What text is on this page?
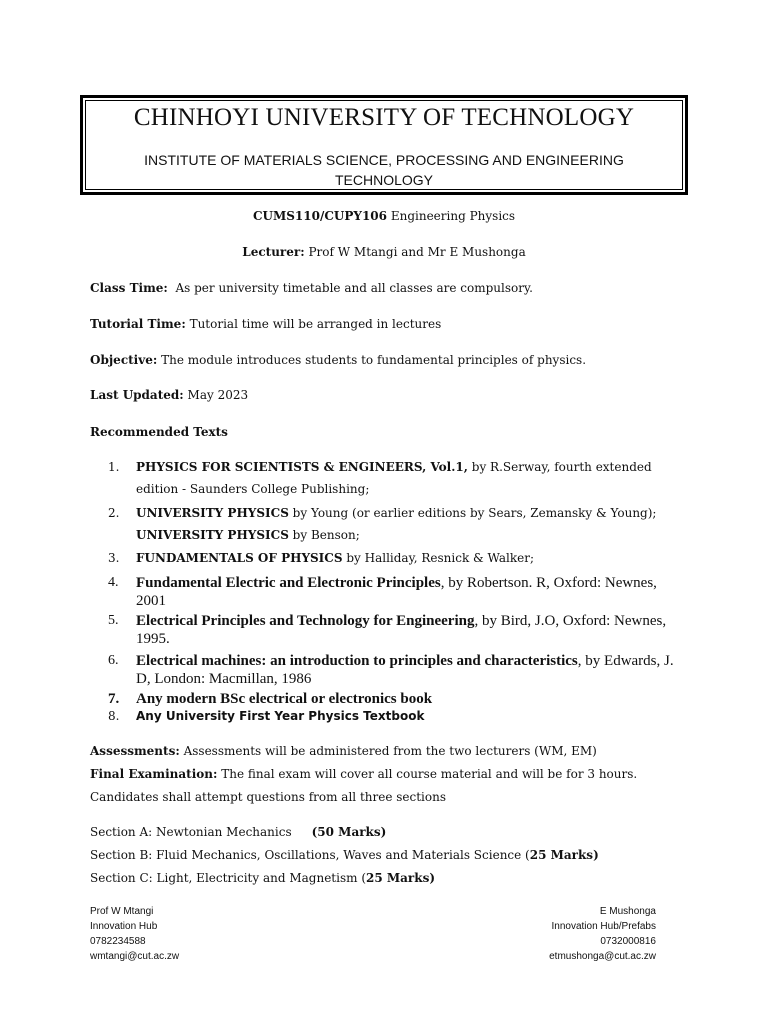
CHINHOYI UNIVERSITY OF TECHNOLOGY
INSTITUTE OF MATERIALS SCIENCE, PROCESSING AND ENGINEERING TECHNOLOGY
CUMS110/CUPY106 Engineering Physics
Lecturer: Prof W Mtangi and Mr E Mushonga
Class Time: As per university timetable and all classes are compulsory.
Tutorial Time: Tutorial time will be arranged in lectures
Objective: The module introduces students to fundamental principles of physics.
Last Updated: May 2023
Recommended Texts
1.	PHYSICS FOR SCIENTISTS & ENGINEERS, Vol.1, by R.Serway, fourth extended edition - Saunders College Publishing;
2.	UNIVERSITY PHYSICS by Young (or earlier editions by Sears, Zemansky & Young);
UNIVERSITY PHYSICS by Benson;
3.	FUNDAMENTALS OF PHYSICS by Halliday, Resnick & Walker;
4.	Fundamental Electric and Electronic Principles, by Robertson. R, Oxford: Newnes, 2001
5.	Electrical Principles and Technology for Engineering, by Bird, J.O, Oxford: Newnes, 1995.
6.	Electrical machines: an introduction to principles and characteristics, by Edwards, J. D, London: Macmillan, 1986
7.	Any modern BSc electrical or electronics book
8.	Any University First Year Physics Textbook
Assessments: Assessments will be administered from the two lecturers (WM, EM)
Final Examination: The final exam will cover all course material and will be for 3 hours.
Candidates shall attempt questions from all three sections
Section A: Newtonian Mechanics (50 Marks)
Section B: Fluid Mechanics, Oscillations, Waves and Materials Science (25 Marks)
Section C: Light, Electricity and Magnetism (25 Marks)
Prof W Mtangi
Innovation Hub
0782234588
wmtangi@cut.ac.zw
E Mushonga
Innovation Hub/Prefabs
0732000816
etmushonga@cut.ac.zw
